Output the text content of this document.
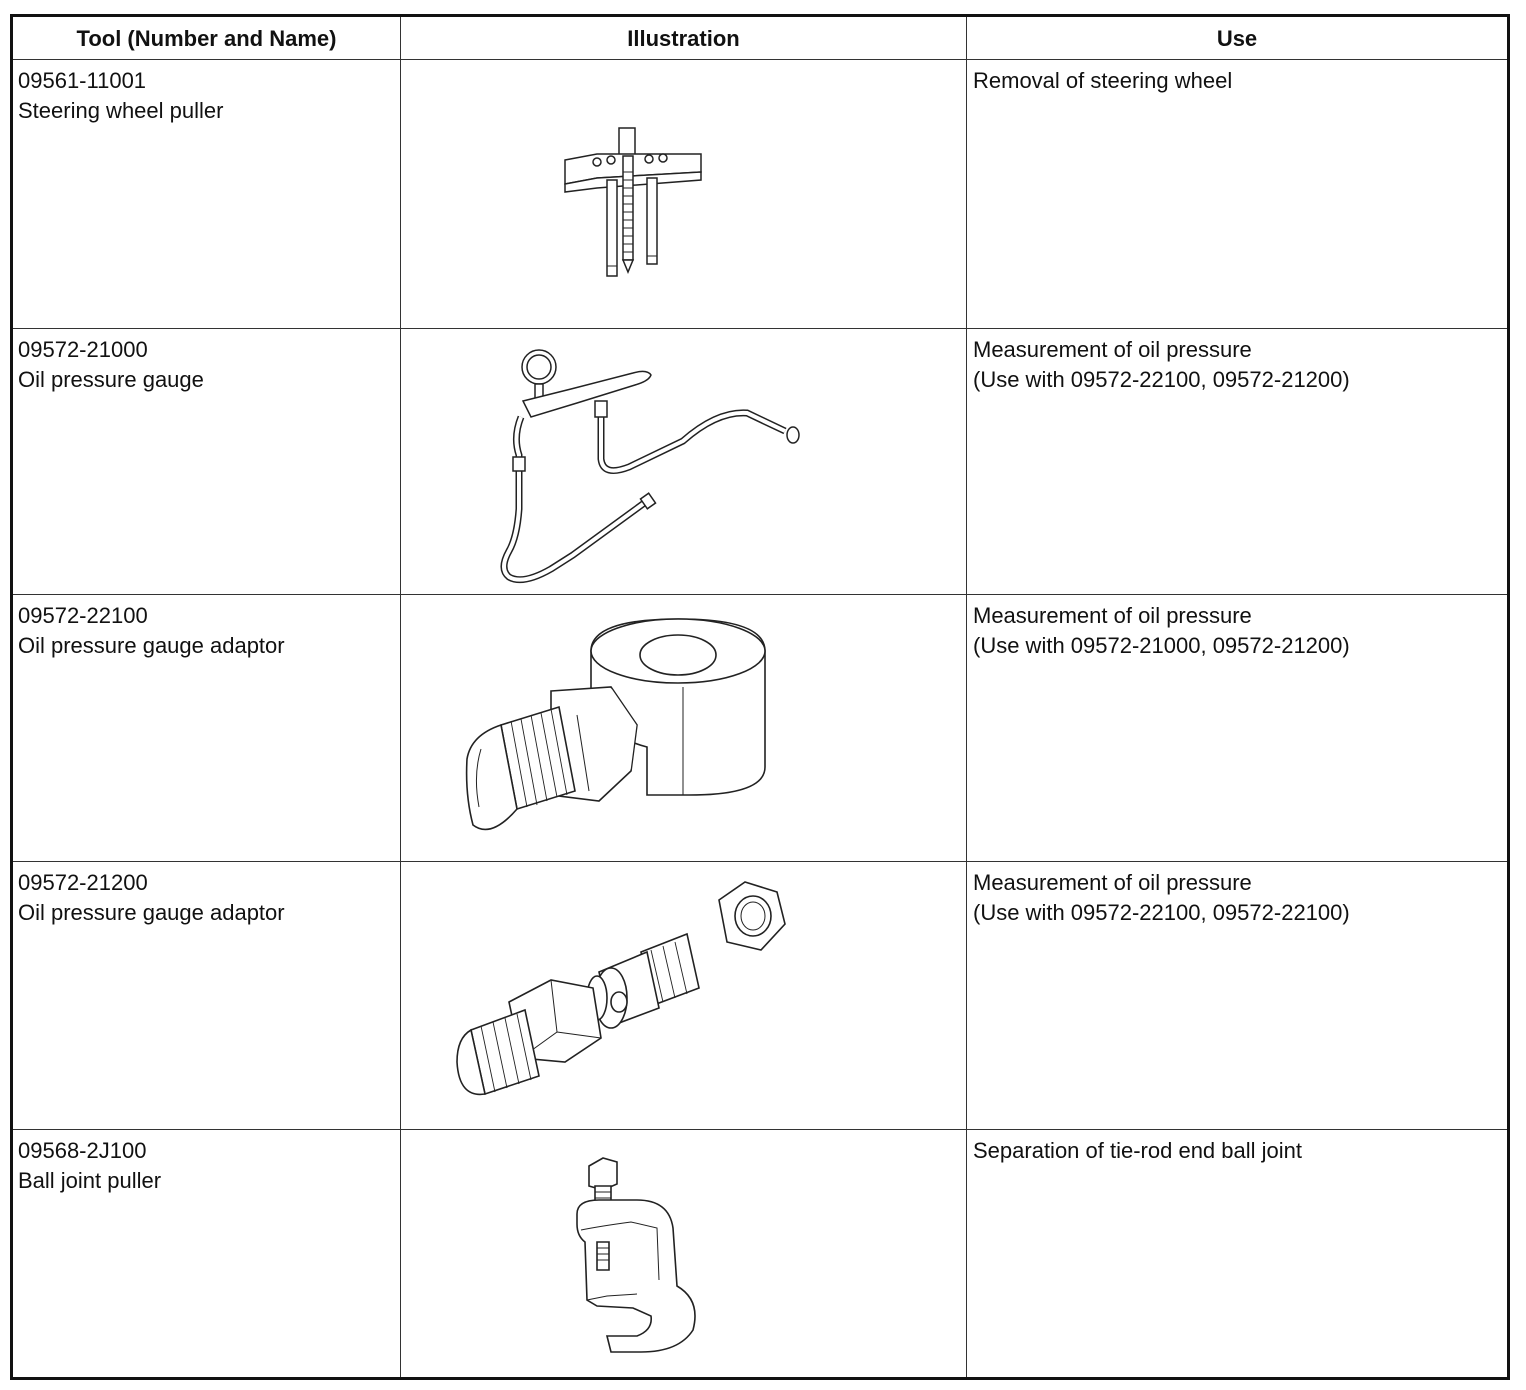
Tool (Number and Name)	Illustration	Use
09561-11001
Steering wheel puller
Removal of steering wheel
09572-21000
Oil pressure gauge
Measurement of oil pressure
(Use with 09572-22100, 09572-21200)
09572-22100
Oil pressure gauge adaptor
Measurement of oil pressure
(Use with 09572-21000, 09572-21200)
09572-21200
Oil pressure gauge adaptor
Measurement of oil pressure
(Use with 09572-22100, 09572-22100)
09568-2J100
Ball joint puller
Separation of tie-rod end ball joint
